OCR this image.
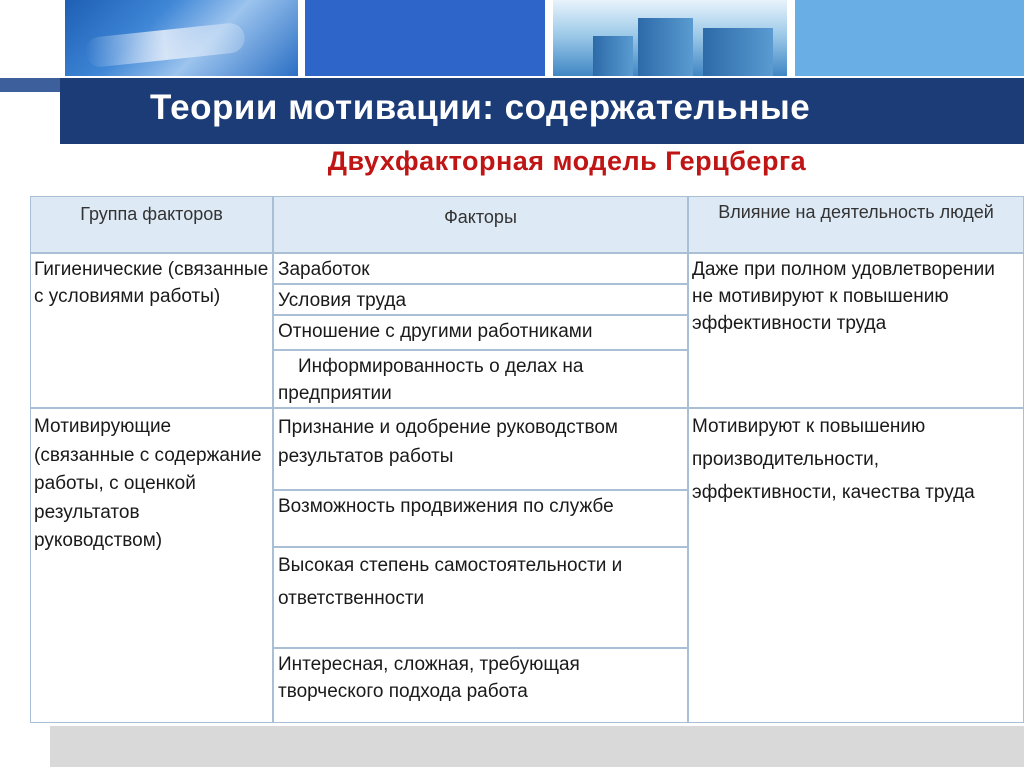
Теории мотивации: содержательные
Двухфакторная модель Герцберга
Группа факторов	Факторы	Влияние на деятельность людей
Гигиенические (связанные с условиями работы)
Заработок
Условия труда
Отношение с другими работниками
Информированность о делах на предприятии
Даже при полном удовлетворении не мотивируют к повышению эффективности труда
Мотивирующие (связанные с содержание работы, с оценкой результатов руководством)
Признание и одобрение руководством результатов работы
Возможность продвижения по службе
Высокая степень самостоятельности и ответственности
Интересная, сложная, требующая творческого подхода работа
Мотивируют к повышению производительности, эффективности, качества труда
